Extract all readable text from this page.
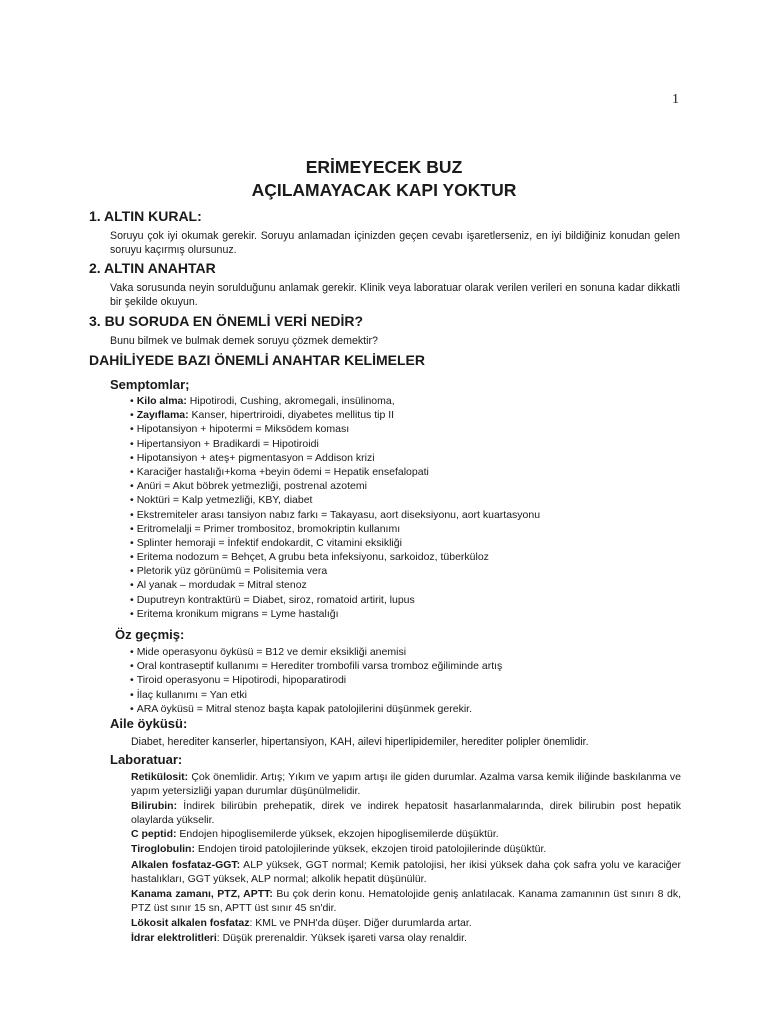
1
ERİMEYECEK BUZ
AÇILAMAYACAK KAPI YOKTUR
1. ALTIN KURAL:
Soruyu çok iyi okumak gerekir. Soruyu anlamadan içinizden geçen cevabı işaretlerseniz, en iyi bildiğiniz konudan gelen soruyu kaçırmış olursunuz.
2. ALTIN ANAHTAR
Vaka sorusunda neyin sorulduğunu anlamak gerekir. Klinik veya laboratuar olarak verilen verileri en sonuna kadar dikkatli bir şekilde okuyun.
3. BU SORUDA EN ÖNEMLİ VERİ NEDİR?
Bunu bilmek ve bulmak demek soruyu çözmek demektir?
DAHİLİYEDE BAZI ÖNEMLİ ANAHTAR KELİMELER
Semptomlar;
• Kilo alma: Hipotirodi, Cushing, akromegali, insülinoma,
• Zayıflama: Kanser, hipertriroidi, diyabetes mellitus tip II
• Hipotansiyon + hipotermi = Miksödem koması
• Hipertansiyon + Bradikardi = Hipotiroidi
• Hipotansiyon + ateş+ pigmentasyon = Addison krizi
• Karaciğer hastalığı+koma +beyin ödemi = Hepatik ensefalopati
• Anüri = Akut böbrek yetmezliği, postrenal azotemi
• Noktüri = Kalp yetmezliği, KBY, diabet
• Ekstremiteler arası tansiyon nabız farkı = Takayasu, aort diseksiyonu, aort kuartasyonu
• Eritromelalji = Primer trombositoz, bromokriptin kullanımı
• Splinter hemoraji = İnfektif endokardit, C vitamini eksikliği
• Eritema nodozum = Behçet, A grubu beta infeksiyonu, sarkoidoz, tüberküloz
• Pletorik yüz görünümü = Polisitemia vera
• Al yanak – mordudak = Mitral stenoz
• Duputreyn kontraktürü = Diabet, siroz, romatoid artirit, lupus
• Eritema kronikum migrans = Lyme hastalığı
Öz geçmiş:
• Mide operasyonu öyküsü = B12 ve demir eksikliği anemisi
• Oral kontraseptif kullanımı = Herediter trombofili varsa tromboz eğiliminde artış
• Tiroid operasyonu = Hipotirodi, hipoparatirodi
• İlaç kullanımı = Yan etki
• ARA öyküsü = Mitral stenoz başta kapak patolojilerini düşünmek gerekir.
Aile öyküsü:
Diabet, herediter kanserler, hipertansiyon, KAH, ailevi hiperlipidemiler, herediter polipler önemlidir.
Laboratuar:
Retikülosit: Çok önemlidir. Artış; Yıkım ve yapım artışı ile giden durumlar. Azalma varsa kemik iliğinde baskılanma ve yapım yetersizliği yapan durumlar düşünülmelidir.
Bilirubin: İndirek bilirübin prehepatik, direk ve indirek hepatosit hasarlanmalarında, direk bilirubin post hepatik olaylarda yükselir.
C peptid: Endojen hipoglisemilerde yüksek, ekzojen hipoglisemilerde düşüktür.
Tiroglobulin: Endojen tiroid patolojilerinde yüksek, ekzojen tiroid patolojilerinde düşüktür.
Alkalen fosfataz-GGT: ALP yüksek, GGT normal; Kemik patolojisi, her ikisi yüksek daha çok safra yolu ve karaciğer hastalıkları, GGT yüksek, ALP normal; alkolik hepatit düşünülür.
Kanama zamanı, PTZ, APTT: Bu çok derin konu. Hematolojide geniş anlatılacak. Kanama zamanının üst sınırı 8 dk, PTZ üst sınır 15 sn, APTT üst sınır 45 sn'dir.
Lökosit alkalen fosfataz: KML ve PNH'da düşer. Diğer durumlarda artar.
İdrar elektrolitleri: Düşük prerenaldir. Yüksek işareti varsa olay renaldir.
